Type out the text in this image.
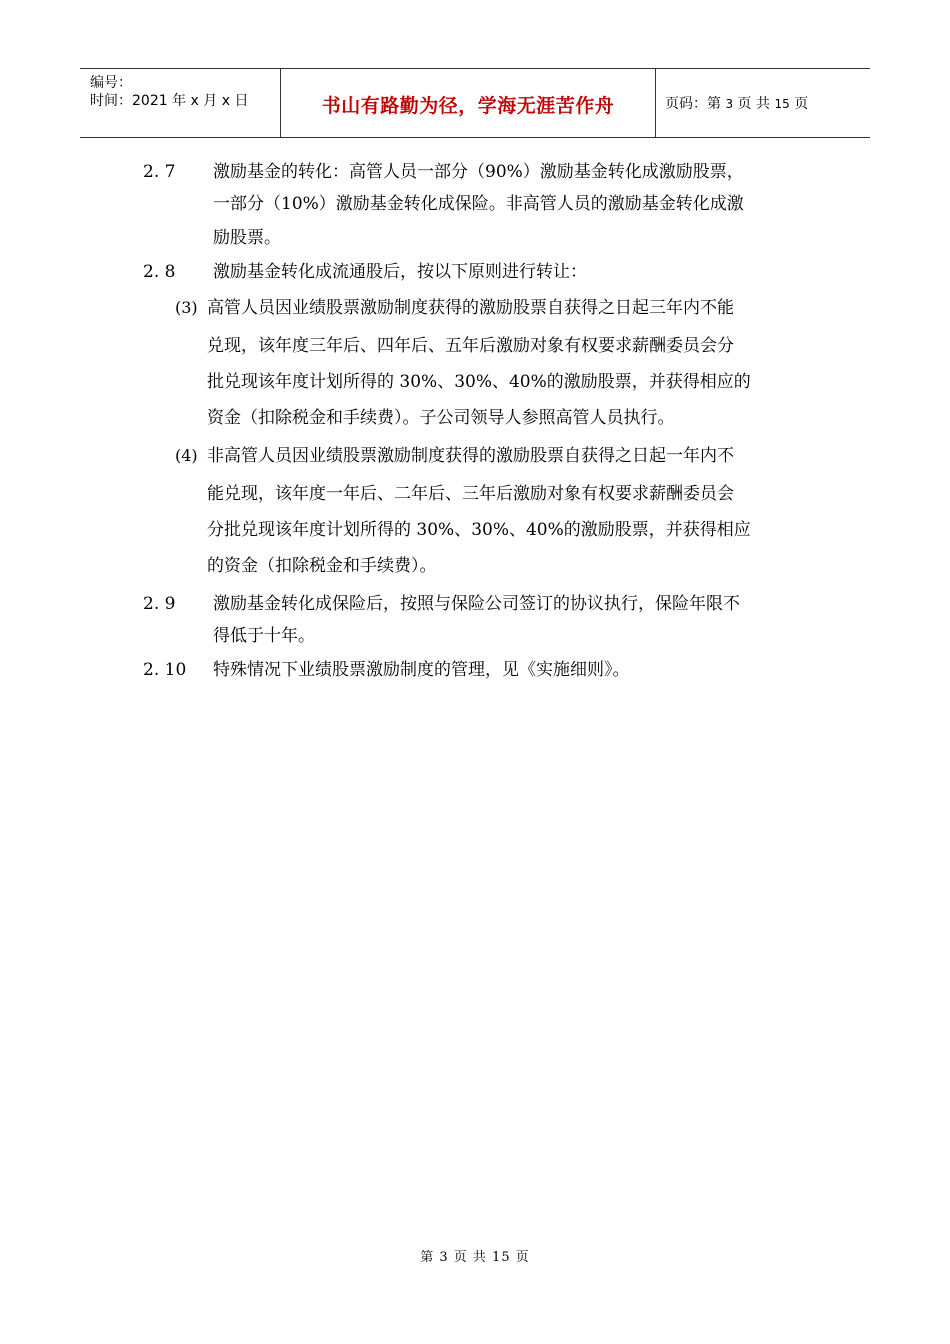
编号：
时间：2021 年 x 月 x 日	书山有路勤为径，学海无涯苦作舟	页码：第 3 页 共 15 页
2. 7 激励基金的转化：高管人员一部分（90%）激励基金转化成激励股票，
一部分（10%）激励基金转化成保险。非高管人员的激励基金转化成激
励股票。
2. 8 激励基金转化成流通股后，按以下原则进行转让：
(3) 高管人员因业绩股票激励制度获得的激励股票自获得之日起三年内不能
兑现，该年度三年后、四年后、五年后激励对象有权要求薪酬委员会分
批兑现该年度计划所得的 30%、30%、40%的激励股票，并获得相应的
资金（扣除税金和手续费）。子公司领导人参照高管人员执行。
(4) 非高管人员因业绩股票激励制度获得的激励股票自获得之日起一年内不
能兑现，该年度一年后、二年后、三年后激励对象有权要求薪酬委员会
分批兑现该年度计划所得的 30%、30%、40%的激励股票，并获得相应
的资金（扣除税金和手续费）。
2. 9 激励基金转化成保险后，按照与保险公司签订的协议执行，保险年限不
得低于十年。
2. 10 特殊情况下业绩股票激励制度的管理，见《实施细则》。
第 3 页 共 15 页
